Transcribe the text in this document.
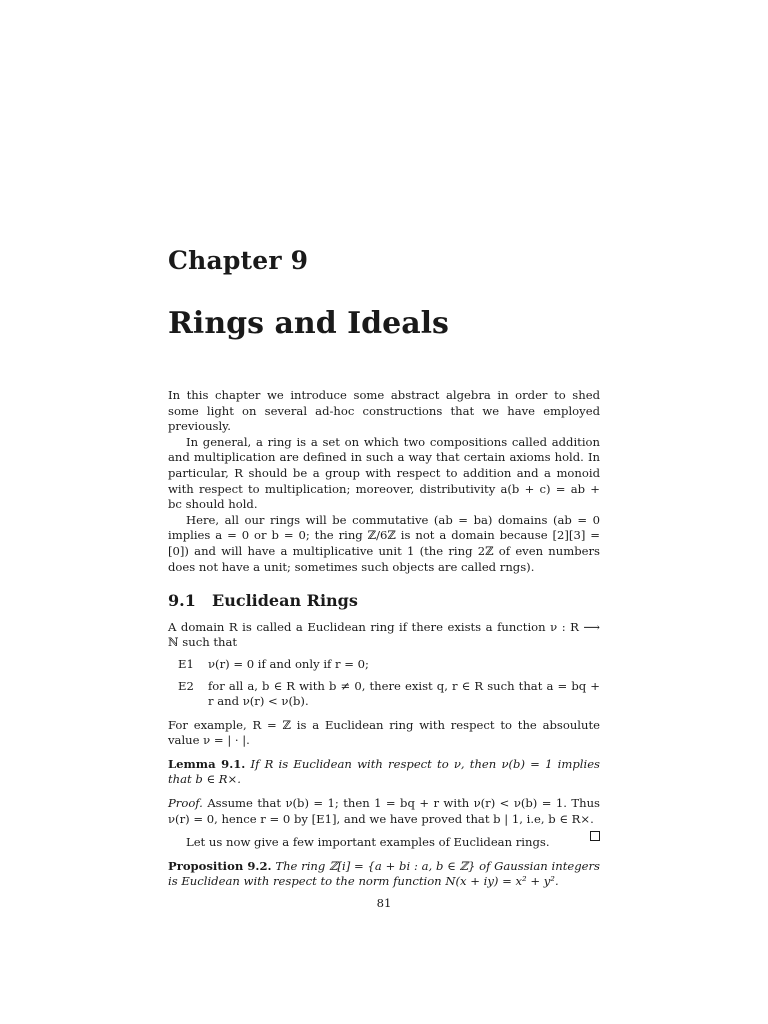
Chapter 9
Rings and Ideals

In this chapter we introduce some abstract algebra in order to shed some light on several ad-hoc constructions that we have employed previously.

In general, a ring is a set on which two compositions called addition and multiplication are defined in such a way that certain axioms hold. In particular, R should be a group with respect to addition and a monoid with respect to multiplication; moreover, distributivity a(b + c) = ab + bc should hold.

Here, all our rings will be commutative (ab = ba) domains (ab = 0 implies a = 0 or b = 0; the ring ℤ/6ℤ is not a domain because [2][3] = [0]) and will have a multiplicative unit 1 (the ring 2ℤ of even numbers does not have a unit; sometimes such objects are called rngs).

9.1 Euclidean Rings

A domain R is called a Euclidean ring if there exists a function ν : R ⟶ ℕ such that

E1	ν(r) = 0 if and only if r = 0;
E2	for all a, b ∈ R with b ≠ 0, there exist q, r ∈ R such that a = bq + r and ν(r) < ν(b).

For example, R = ℤ is a Euclidean ring with respect to the absoulute value ν = | · |.

Lemma 9.1. If R is Euclidean with respect to ν, then ν(b) = 1 implies that b ∈ R×.

Proof. Assume that ν(b) = 1; then 1 = bq + r with ν(r) < ν(b) = 1. Thus ν(r) = 0, hence r = 0 by [E1], and we have proved that b | 1, i.e, b ∈ R×.

Let us now give a few important examples of Euclidean rings.

Proposition 9.2. The ring ℤ[i] = {a + bi : a, b ∈ ℤ} of Gaussian integers is Euclidean with respect to the norm function N(x + iy) = x² + y².

81
